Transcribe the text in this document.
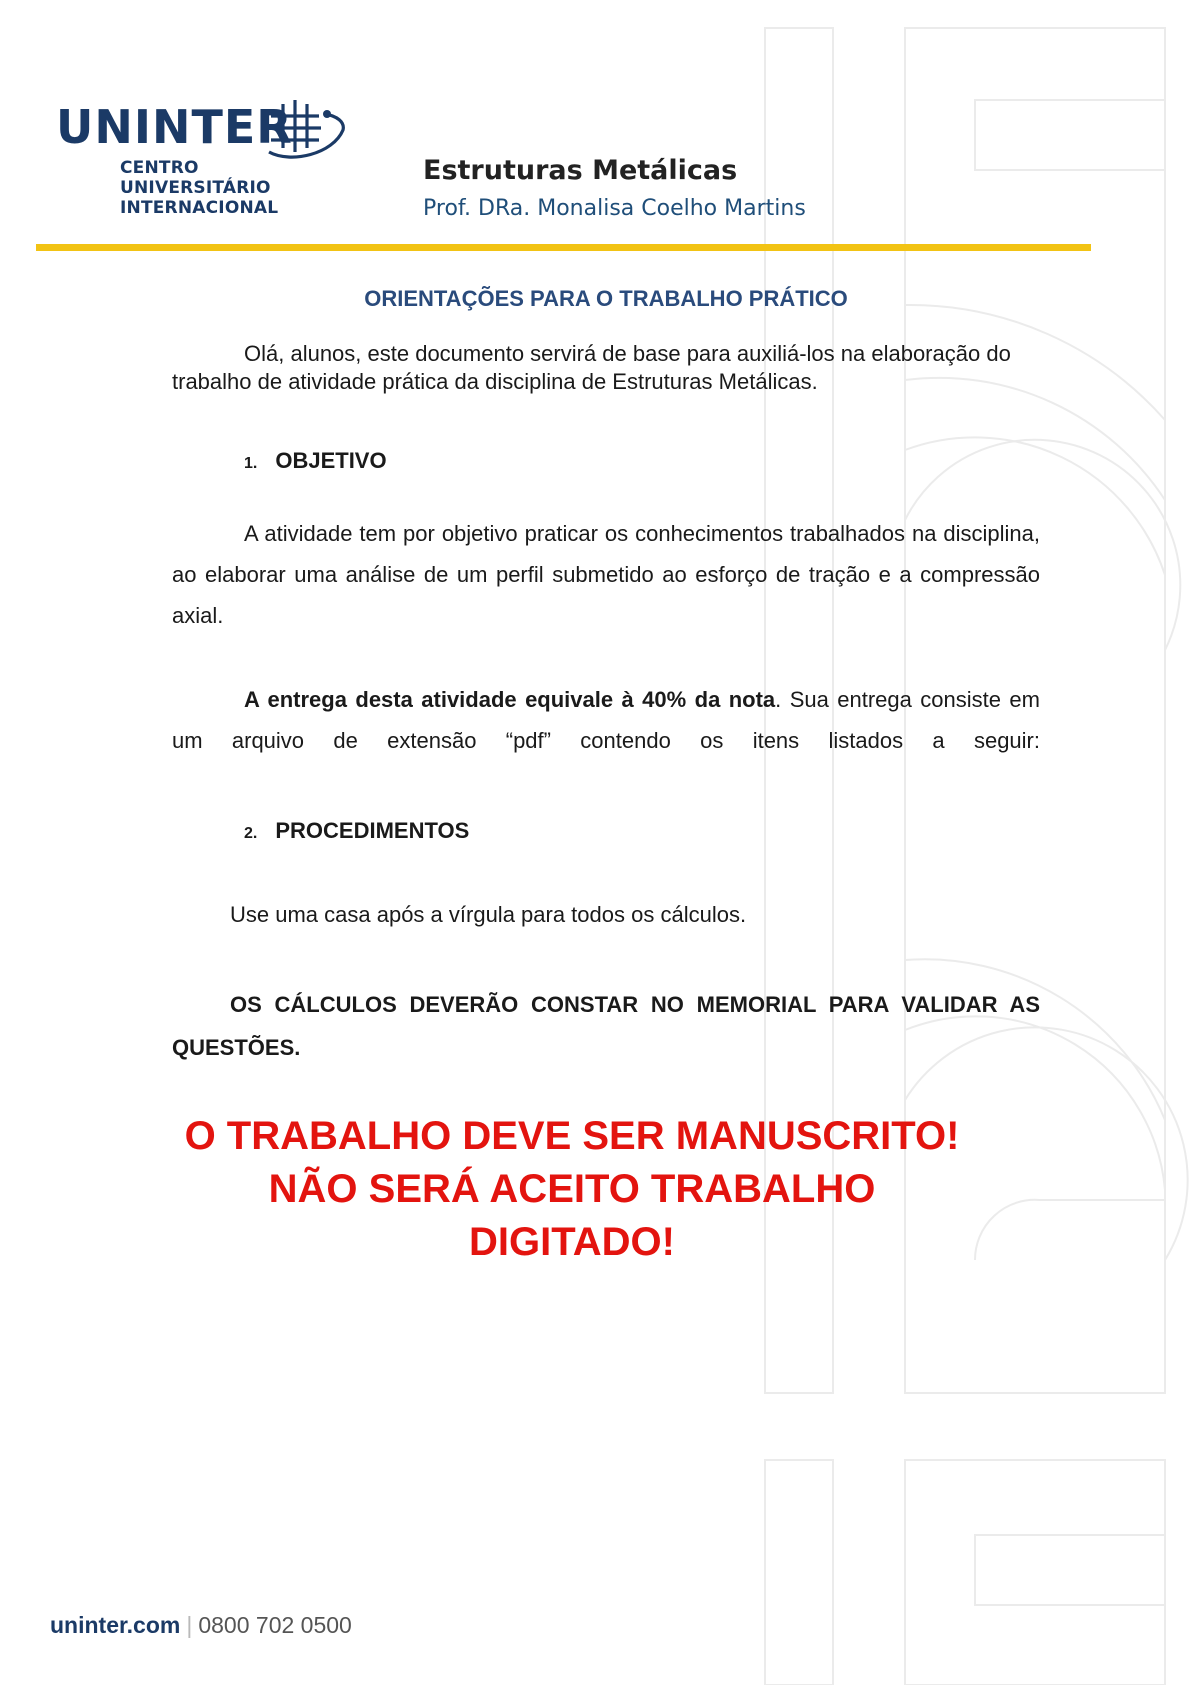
UNINTER
CENTRO
UNIVERSITÁRIO
INTERNACIONAL
Estruturas Metálicas
Prof. DRa. Monalisa Coelho Martins
ORIENTAÇÕES PARA O TRABALHO PRÁTICO

Olá, alunos, este documento servirá de base para auxiliá-los na elaboração do trabalho de atividade prática da disciplina de Estruturas Metálicas.

1. OBJETIVO

A atividade tem por objetivo praticar os conhecimentos trabalhados na disciplina, ao elaborar uma análise de um perfil submetido ao esforço de tração e a compressão axial.

A entrega desta atividade equivale à 40% da nota. Sua entrega consiste em um arquivo de extensão “pdf” contendo os itens listados a seguir:

2. PROCEDIMENTOS

Use uma casa após a vírgula para todos os cálculos.

OS CÁLCULOS DEVERÃO CONSTAR NO MEMORIAL PARA VALIDAR AS QUESTÕES.

O TRABALHO DEVE SER MANUSCRITO!
NÃO SERÁ ACEITO TRABALHO
DIGITADO!
uninter.com | 0800 702 0500
